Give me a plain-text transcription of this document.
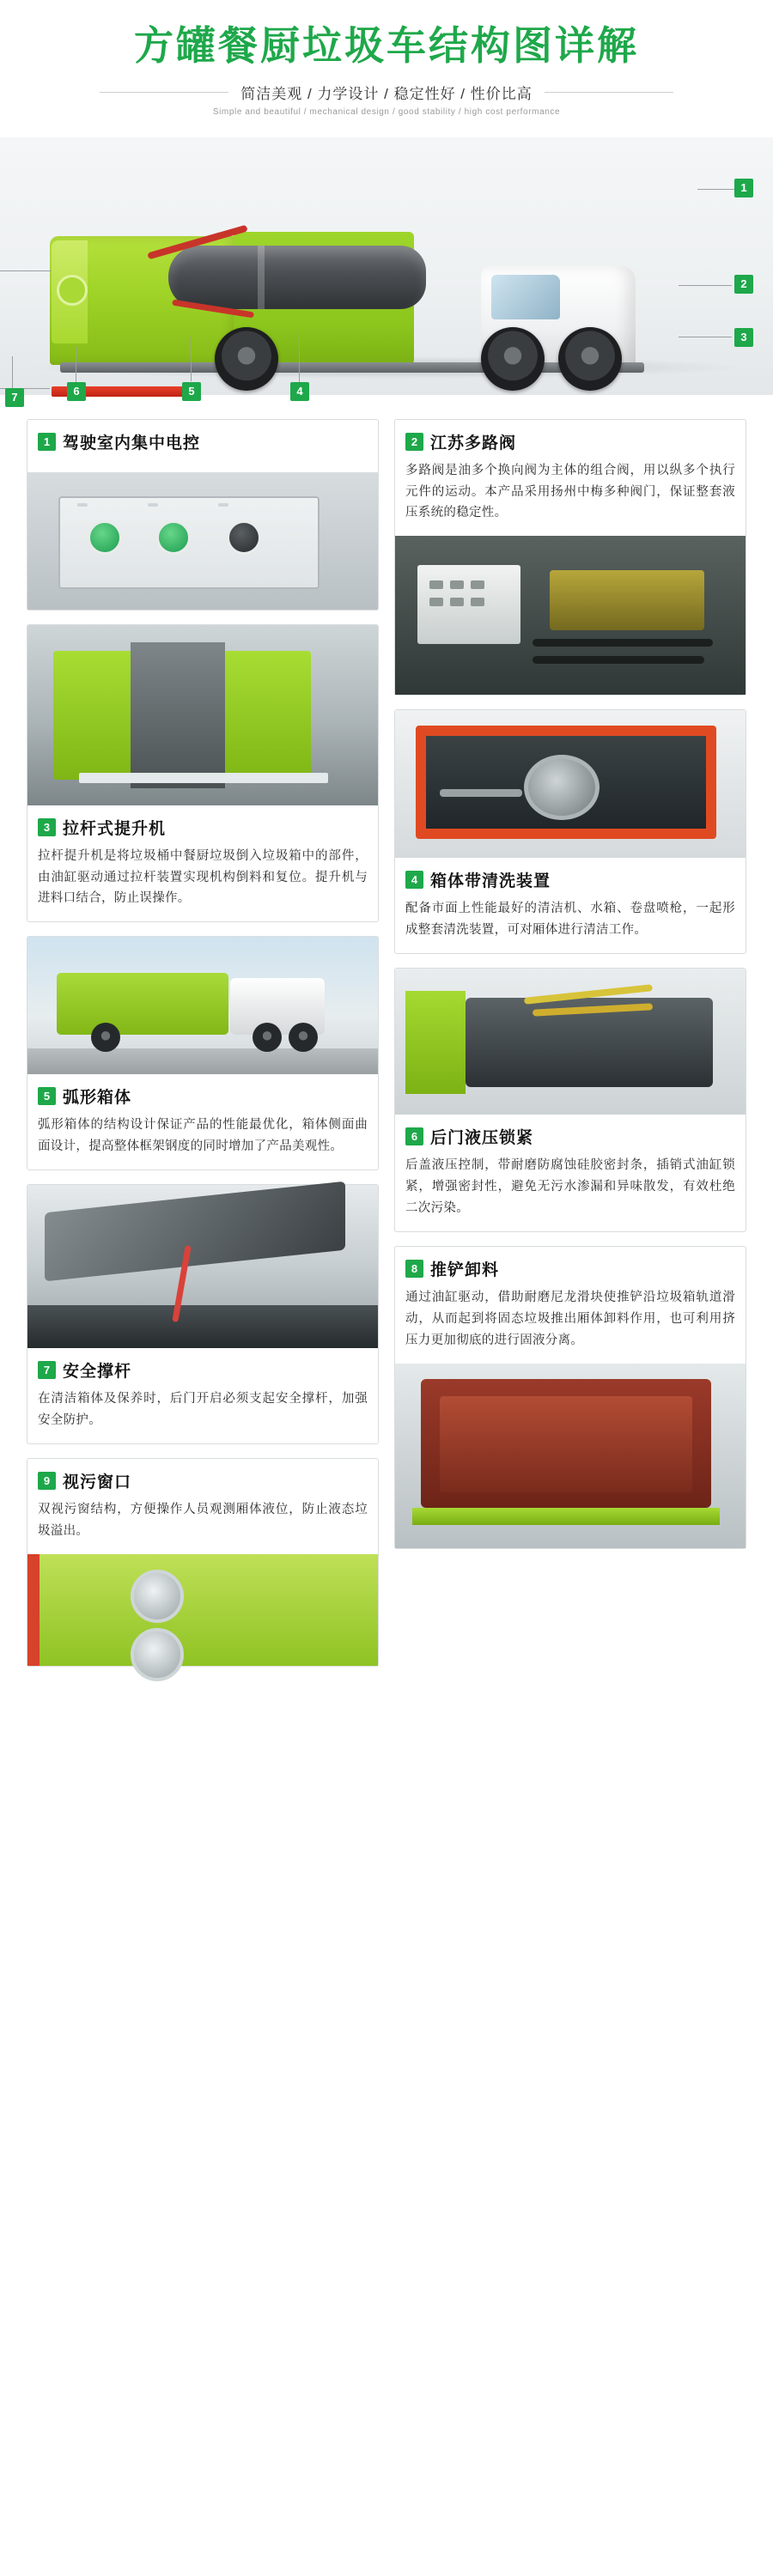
方罐餐厨垃圾车结构图详解
简洁美观 / 力学设计 / 稳定性好 / 性价比高
Simple and beautiful / mechanical design / good stability / high cost performance
1
2
3
4
5
6
7
1 驾驶室内集中电控
3 拉杆式提升机
拉杆提升机是将垃圾桶中餐厨垃圾倒入垃圾箱中的部件，由油缸驱动通过拉杆装置实现机构倒料和复位。提升机与进料口结合，防止误操作。
5 弧形箱体
弧形箱体的结构设计保证产品的性能最优化，箱体侧面曲面设计，提高整体框架钢度的同时增加了产品美观性。
7 安全撑杆
在清洁箱体及保养时，后门开启必须支起安全撑杆，加强安全防护。
9 视污窗口
双视污窗结构，方便操作人员观测厢体液位，防止液态垃圾溢出。
2 江苏多路阀
多路阀是油多个换向阀为主体的组合阀，用以纵多个执行元件的运动。本产品采用扬州中梅多种阀门，保证整套液压系统的稳定性。
4 箱体带清洗装置
配备市面上性能最好的清洁机、水箱、卷盘喷枪，一起形成整套清洗装置，可对厢体进行清洁工作。
6 后门液压锁紧
后盖液压控制，带耐磨防腐蚀硅胶密封条，插销式油缸锁紧，增强密封性，避免无污水渗漏和异味散发，有效杜绝二次污染。
8 推铲卸料
通过油缸驱动，借助耐磨尼龙滑块使推铲沿垃圾箱轨道滑动，从而起到将固态垃圾推出厢体卸料作用，也可利用挤压力更加彻底的进行固液分离。
